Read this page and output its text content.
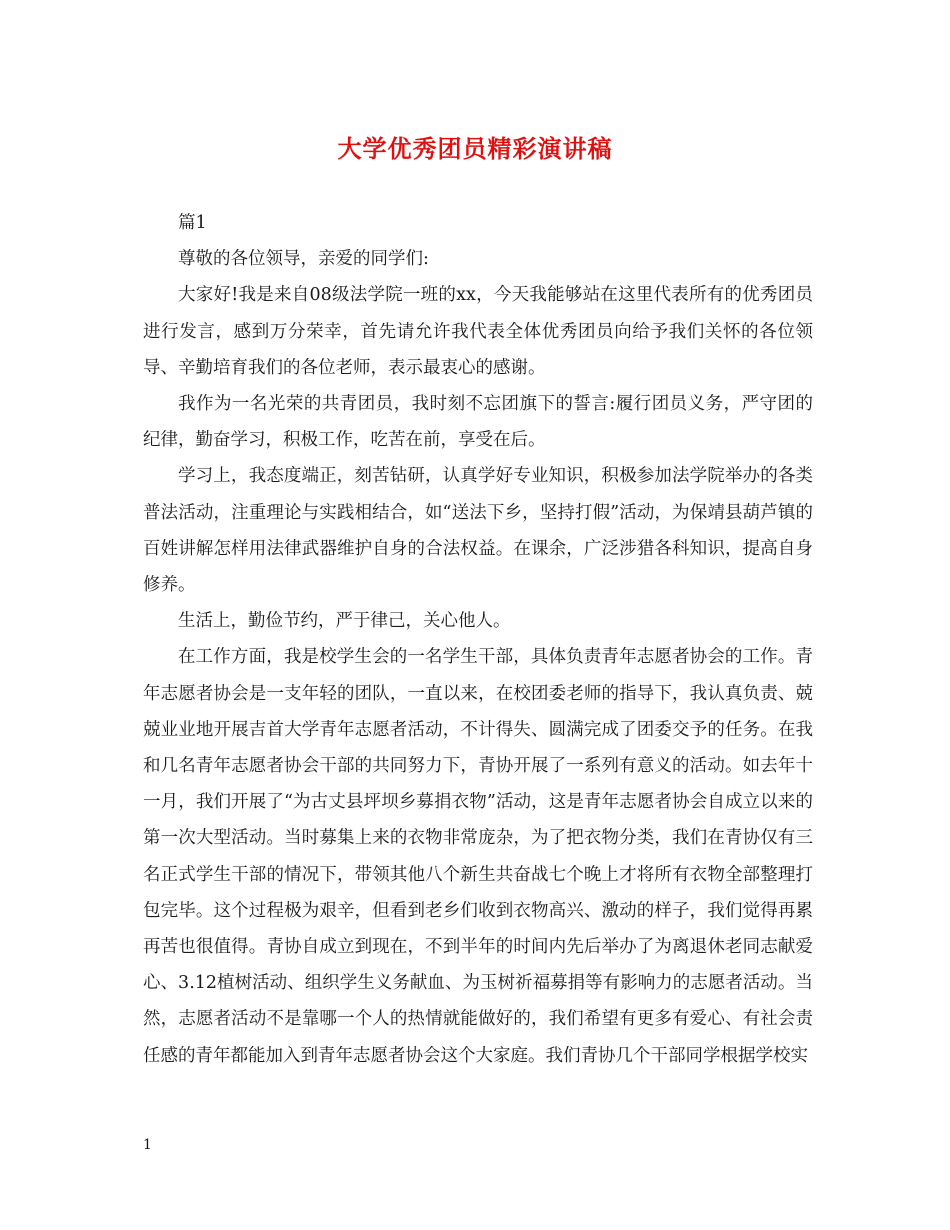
大学优秀团员精彩演讲稿

篇1

尊敬的各位领导，亲爱的同学们:

大家好!我是来自08级法学院一班的xx，今天我能够站在这里代表所有的优秀团员进行发言，感到万分荣幸，首先请允许我代表全体优秀团员向给予我们关怀的各位领导、辛勤培育我们的各位老师，表示最衷心的感谢。

我作为一名光荣的共青团员，我时刻不忘团旗下的誓言:履行团员义务，严守团的纪律，勤奋学习，积极工作，吃苦在前，享受在后。

学习上，我态度端正，刻苦钻研，认真学好专业知识，积极参加法学院举办的各类普法活动，注重理论与实践相结合，如“送法下乡，坚持打假”活动，为保靖县葫芦镇的百姓讲解怎样用法律武器维护自身的合法权益。在课余，广泛涉猎各科知识，提高自身修养。

生活上，勤俭节约，严于律己，关心他人。

在工作方面，我是校学生会的一名学生干部，具体负责青年志愿者协会的工作。青年志愿者协会是一支年轻的团队，一直以来，在校团委老师的指导下，我认真负责、兢兢业业地开展吉首大学青年志愿者活动，不计得失、圆满完成了团委交予的任务。在我和几名青年志愿者协会干部的共同努力下，青协开展了一系列有意义的活动。如去年十一月，我们开展了“为古丈县坪坝乡募捐衣物”活动，这是青年志愿者协会自成立以来的第一次大型活动。当时募集上来的衣物非常庞杂，为了把衣物分类，我们在青协仅有三名正式学生干部的情况下，带领其他八个新生共奋战七个晚上才将所有衣物全部整理打包完毕。这个过程极为艰辛，但看到老乡们收到衣物高兴、激动的样子，我们觉得再累再苦也很值得。青协自成立到现在，不到半年的时间内先后举办了为离退休老同志献爱心、3.12植树活动、组织学生义务献血、为玉树祈福募捐等有影响力的志愿者活动。当然，志愿者活动不是靠哪一个人的热情就能做好的，我们希望有更多有爱心、有社会责任感的青年都能加入到青年志愿者协会这个大家庭。我们青协几个干部同学根据学校实

1
